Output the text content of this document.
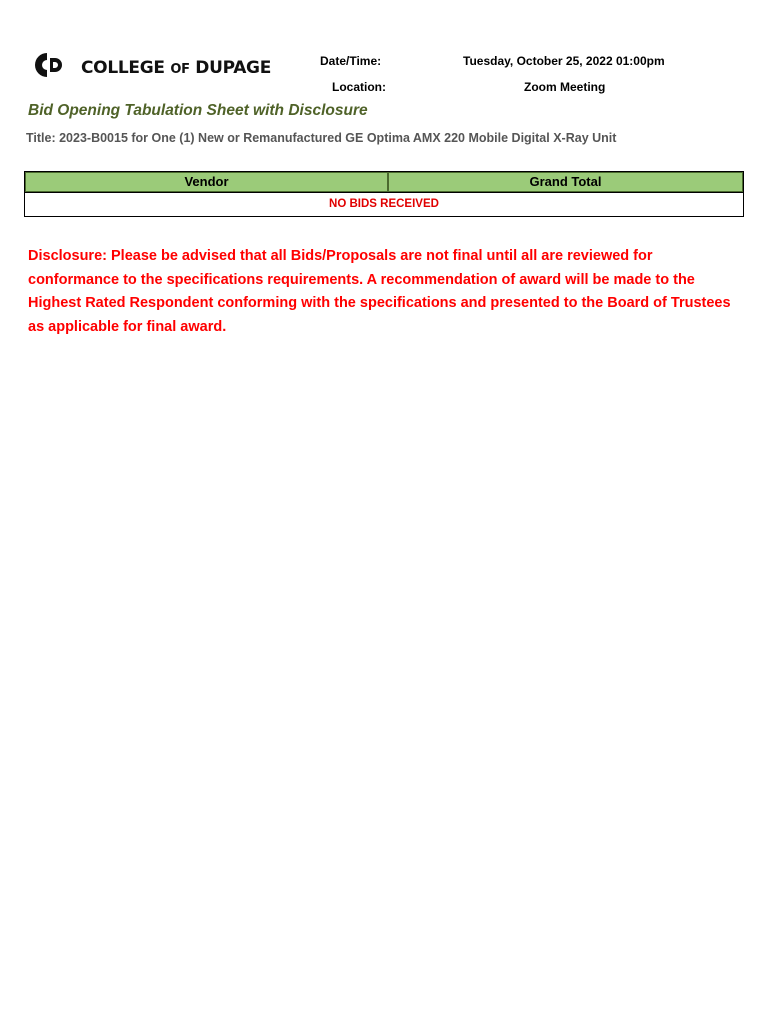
COLLEGE OF DUPAGE	Date/Time:	Tuesday, October 25, 2022 01:00pm
Location:	Zoom Meeting
Bid Opening Tabulation Sheet with Disclosure
Title: 2023-B0015 for One (1) New or Remanufactured GE Optima AMX 220 Mobile Digital X-Ray Unit
Vendor	Grand Total
NO BIDS RECEIVED
Disclosure: Please be advised that all Bids/Proposals are not final until all are reviewed for conformance to the specifications requirements. A recommendation of award will be made to the Highest Rated Respondent conforming with the specifications and presented to the Board of Trustees as applicable for final award.
